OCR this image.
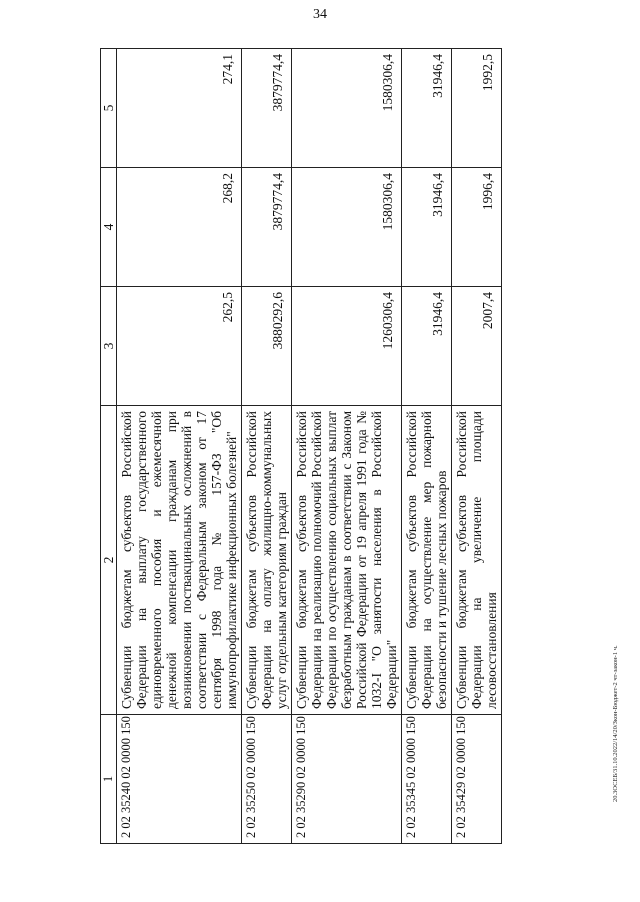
34
1	2	3	4	5
2 02 35240 02 0000 150	Субвенции бюджетам субъектов Российской Федерации на выплату государственного единовременного пособия и ежемесячной денежной компенсации гражданам при возникновении поствакцинальных осложнений в соответствии с Федеральным законом от 17 сентября 1998 года № 157-ФЗ "Об иммунопрофилактике инфекционных болезней"	262,5	268,2	274,1
2 02 35250 02 0000 150	Субвенции бюджетам субъектов Российской Федерации на оплату жилищно-коммунальных услуг отдельным категориям граждан	3880292,6	3879774,4	3879774,4
2 02 35290 02 0000 150	Субвенции бюджетам субъектов Российской Федерации на реализацию полномочий Российской Федерации по осуществлению социальных выплат безработным гражданам в соответствии с Законом Российской Федерации от 19 апреля 1991 года № 1032-I "О занятости населения в Российской Федерации"	1260306,4	1580306,4	1580306,4
2 02 35345 02 0000 150	Субвенции бюджетам субъектов Российской Федерации на осуществление мер пожарной безопасности и тушение лесных пожаров	31946,4	31946,4	31946,4
2 02 35429 02 0000 150	Субвенции бюджетам субъектов Российской Федерации на увеличение площади лесовосстановления	2007,4	1996,4	1992,5
20.3ОСЕБ/31.10.2022/14/20/Зкон-Бюджет-2 чт-закон-1 ч.
